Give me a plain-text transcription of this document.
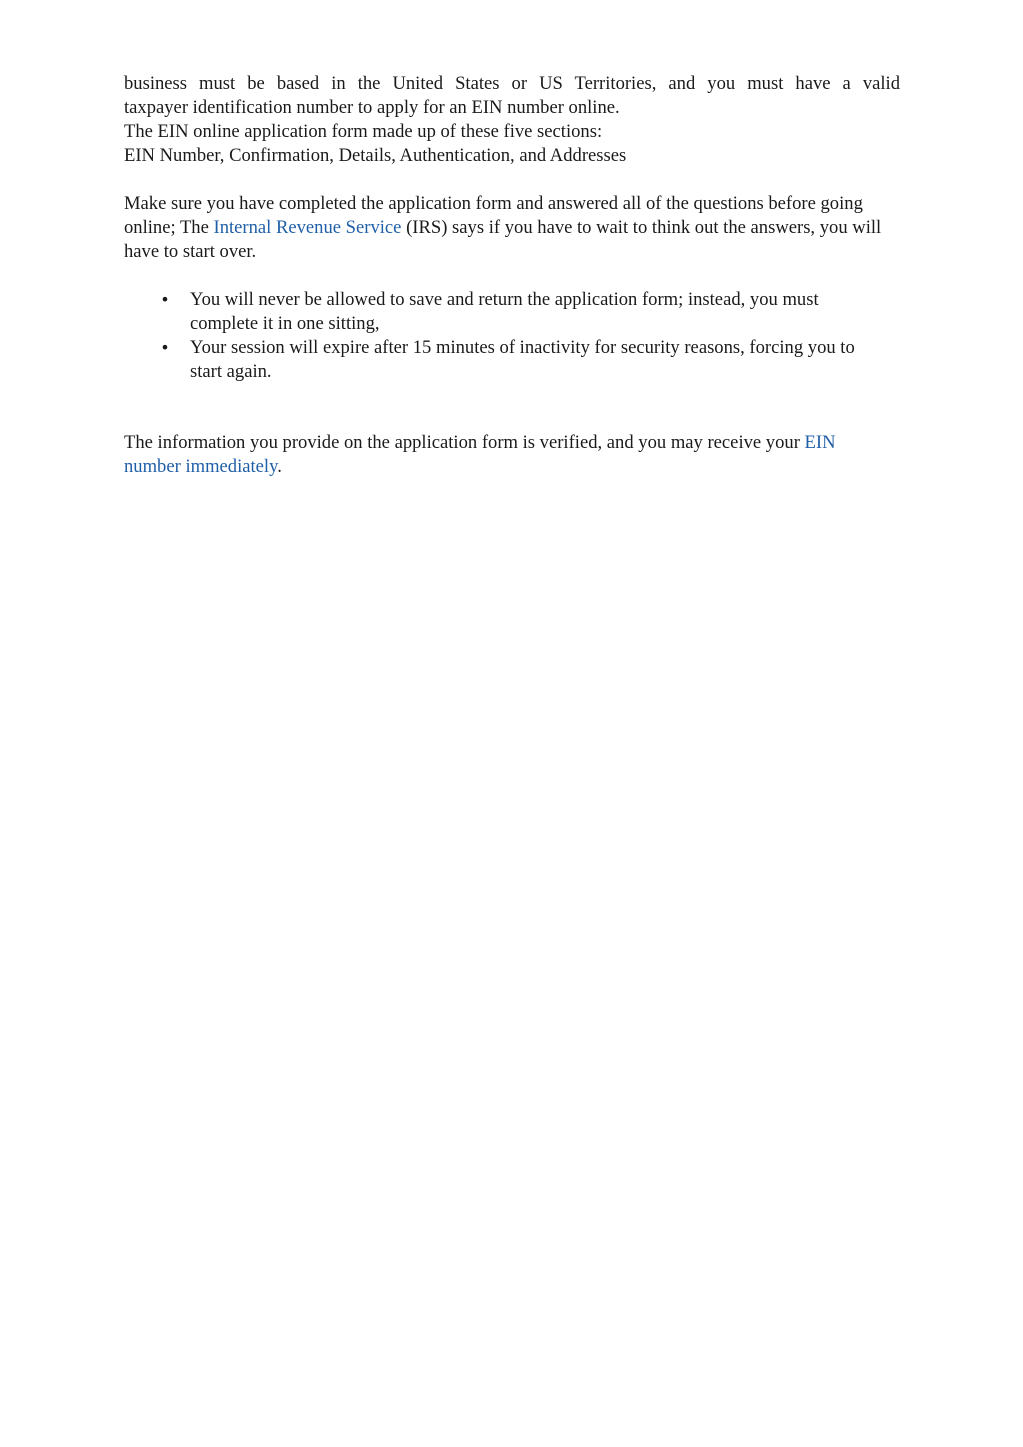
business must be based in the United States or US Territories, and you must have a valid

taxpayer identification number to apply for an EIN number online.

The EIN online application form made up of these five sections:

EIN Number, Confirmation, Details, Authentication, and Addresses

Make sure you have completed the application form and answered all of the questions before going online; The Internal Revenue Service (IRS) says if you have to wait to think out the answers, you will have to start over.

• You will never be allowed to save and return the application form; instead, you must complete it in one sitting,
• Your session will expire after 15 minutes of inactivity for security reasons, forcing you to start again.

The information you provide on the application form is verified, and you may receive your EIN number immediately.
